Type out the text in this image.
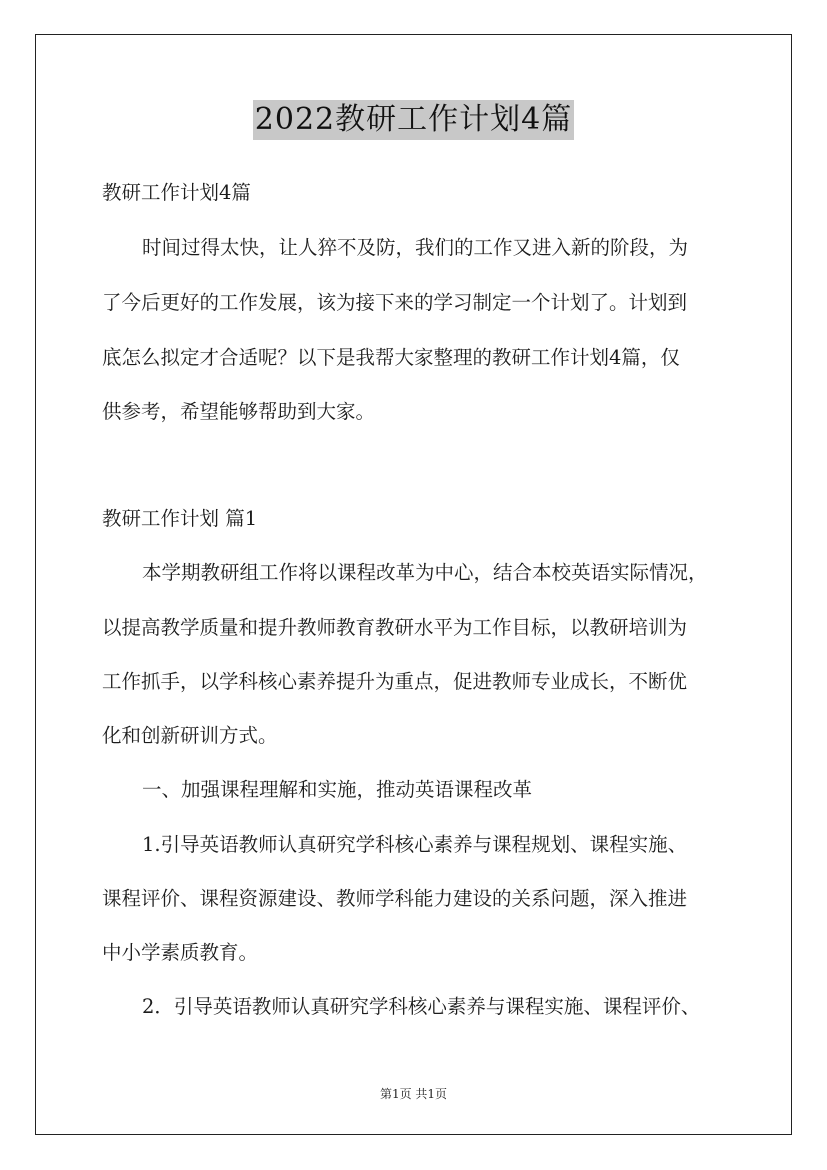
2022教研工作计划4篇
教研工作计划4篇
时间过得太快，让人猝不及防，我们的工作又进入新的阶段，为
了今后更好的工作发展，该为接下来的学习制定一个计划了。计划到
底怎么拟定才合适呢？以下是我帮大家整理的教研工作计划4篇，仅
供参考，希望能够帮助到大家。
教研工作计划 篇1
本学期教研组工作将以课程改革为中心，结合本校英语实际情况，
以提高教学质量和提升教师教育教研水平为工作目标，以教研培训为
工作抓手，以学科核心素养提升为重点，促进教师专业成长，不断优
化和创新研训方式。
一、加强课程理解和实施，推动英语课程改革
1.引导英语教师认真研究学科核心素养与课程规划、课程实施、
课程评价、课程资源建设、教师学科能力建设的关系问题，深入推进
中小学素质教育。
2．引导英语教师认真研究学科核心素养与课程实施、课程评价、
第1页 共1页
